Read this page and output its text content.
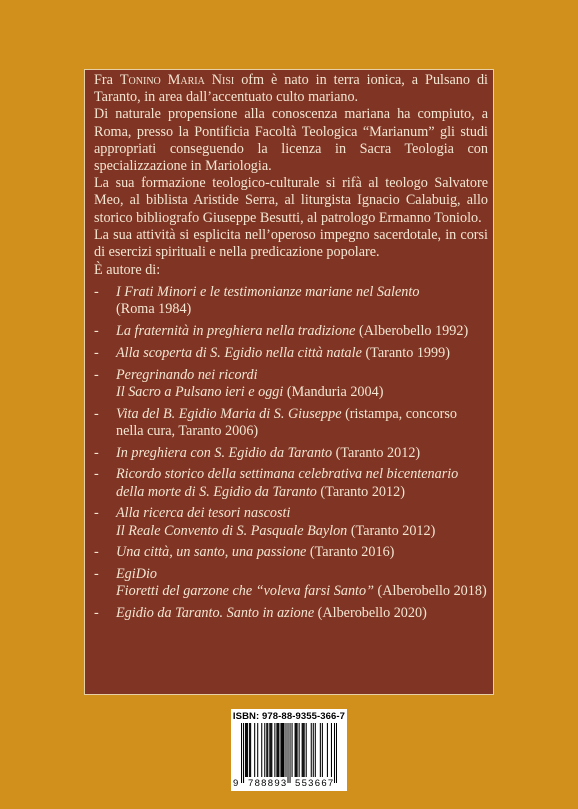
Fra Tonino Maria Nisi ofm è nato in terra ionica, a Pulsano di Taranto, in area dall’accentuato culto mariano.
Di naturale propensione alla conoscenza mariana ha compiuto, a Roma, presso la Pontificia Facoltà Teologica “Marianum” gli studi appropriati conseguendo la licenza in Sacra Teologia con specializzazione in Mariologia.
La sua formazione teologico-culturale si rifà al teologo Salvatore Meo, al biblista Aristide Serra, al liturgista Ignacio Calabuig, allo storico bibliografo Giuseppe Besutti, al patrologo Ermanno Toniolo.
La sua attività si esplicita nell’operoso impegno sacerdotale, in corsi di esercizi spirituali e nella predicazione popolare.
È autore di:
- I Frati Minori e le testimonianze mariane nel Salento
(Roma 1984)
- La fraternità in preghiera nella tradizione (Alberobello 1992)
- Alla scoperta di S. Egidio nella città natale (Taranto 1999)
- Peregrinando nei ricordi
Il Sacro a Pulsano ieri e oggi (Manduria 2004)
- Vita del B. Egidio Maria di S. Giuseppe (ristampa, concorso nella cura, Taranto 2006)
- In preghiera con S. Egidio da Taranto (Taranto 2012)
- Ricordo storico della settimana celebrativa nel bicentenario della morte di S. Egidio da Taranto (Taranto 2012)
- Alla ricerca dei tesori nascosti
Il Reale Convento di S. Pasquale Baylon (Taranto 2012)
- Una città, un santo, una passione (Taranto 2016)
- EgiDio
Fioretti del garzone che “voleva farsi Santo” (Alberobello 2018)
- Egidio da Taranto. Santo in azione (Alberobello 2020)
ISBN: 978-88-9355-366-7
9 788893 553667
